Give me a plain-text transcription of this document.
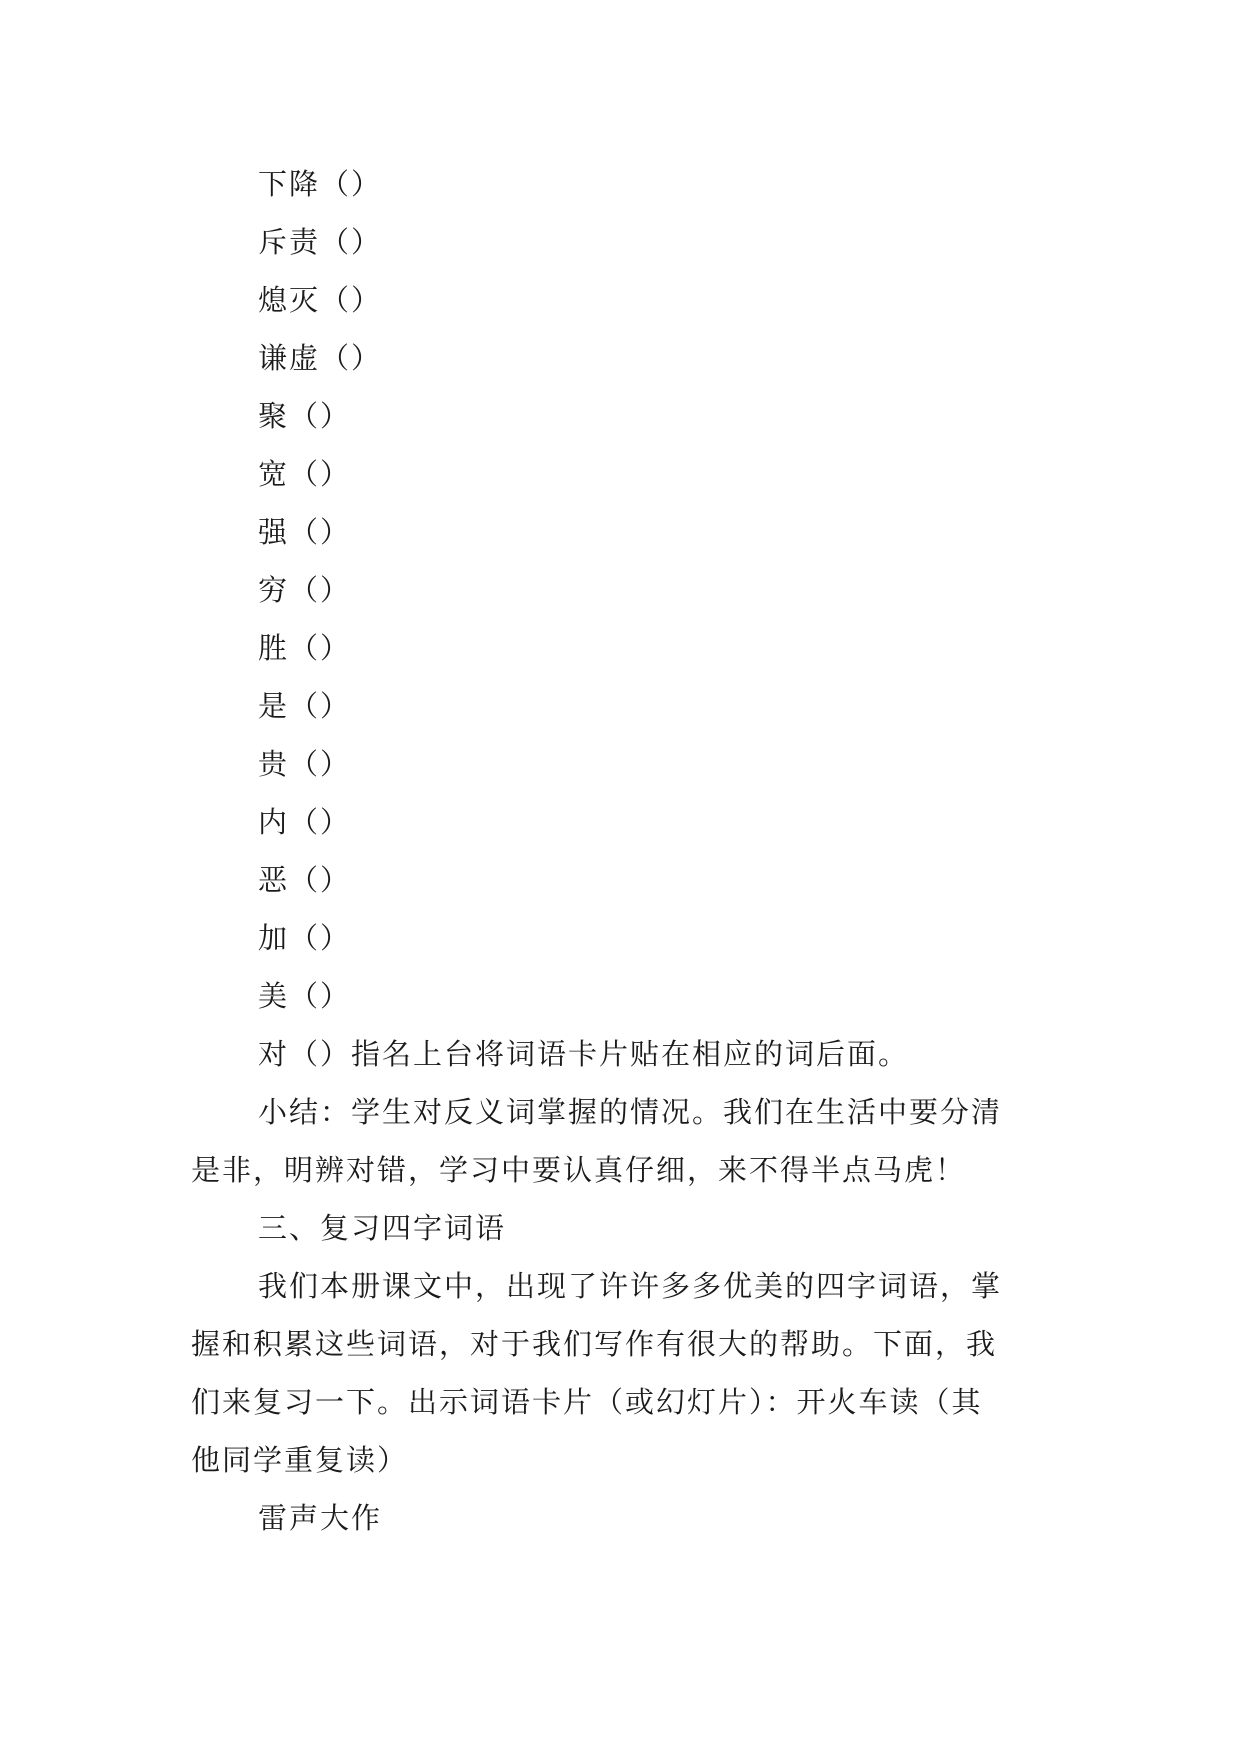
下降（）
斥责（）
熄灭（）
谦虚（）
聚（）
宽（）
强（）
穷（）
胜（）
是（）
贵（）
内（）
恶（）
加（）
美（）
对（）指名上台将词语卡片贴在相应的词后面。
小结：学生对反义词掌握的情况。我们在生活中要分清
是非，明辨对错，学习中要认真仔细，来不得半点马虎！
三、复习四字词语
我们本册课文中，出现了许许多多优美的四字词语，掌
握和积累这些词语，对于我们写作有很大的帮助。下面，我
们来复习一下。出示词语卡片（或幻灯片）：开火车读（其
他同学重复读）
雷声大作
